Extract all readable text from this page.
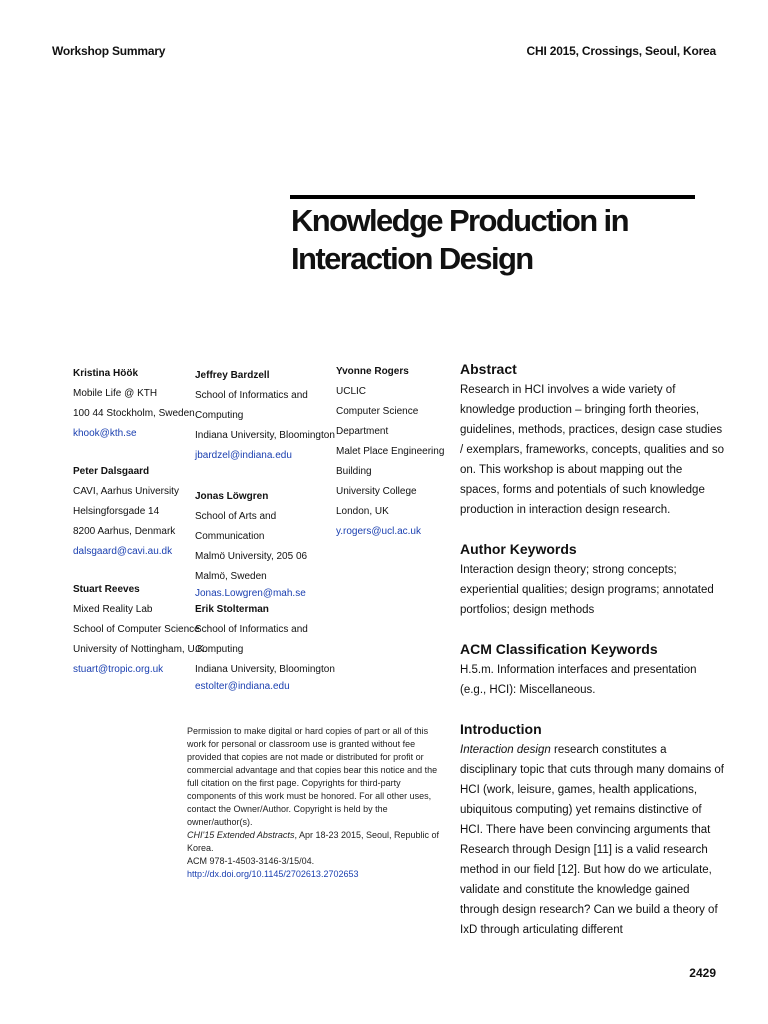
Workshop Summary	CHI 2015, Crossings, Seoul, Korea
Knowledge Production in Interaction Design
Kristina Höök
Mobile Life @ KTH
100 44 Stockholm, Sweden
khook@kth.se
Peter Dalsgaard
CAVI, Aarhus University
Helsingforsgade 14
8200 Aarhus, Denmark
dalsgaard@cavi.au.dk
Stuart Reeves
Mixed Reality Lab
School of Computer Science
University of Nottingham, U.K.
stuart@tropic.org.uk
Jeffrey Bardzell
School of Informatics and Computing
Indiana University, Bloomington
jbardzel@indiana.edu
Jonas Löwgren
School of Arts and Communication
Malmö University, 205 06 Malmö, Sweden
Jonas.Lowgren@mah.se
Erik Stolterman
School of Informatics and Computing
Indiana University, Bloomington
estolter@indiana.edu
Yvonne Rogers
UCLIC
Computer Science Department
Malet Place Engineering Building
University College London, UK
y.rogers@ucl.ac.uk
Abstract

Research in HCI involves a wide variety of knowledge production – bringing forth theories, guidelines, methods, practices, design case studies / exemplars, frameworks, concepts, qualities and so on. This workshop is about mapping out the spaces, forms and potentials of such knowledge production in interaction design research.

Author Keywords

Interaction design theory; strong concepts; experiential qualities; design programs; annotated portfolios; design methods

ACM Classification Keywords

H.5.m. Information interfaces and presentation (e.g., HCI): Miscellaneous.

Introduction

Interaction design research constitutes a disciplinary topic that cuts through many domains of HCI (work, leisure, games, health applications, ubiquitous computing) yet remains distinctive of HCI. There have been convincing arguments that Research through Design [11] is a valid research method in our field [12]. But how do we articulate, validate and constitute the knowledge gained through design research? Can we build a theory of IxD through articulating different

Permission to make digital or hard copies of part or all of this work for personal or classroom use is granted without fee provided that copies are not made or distributed for profit or commercial advantage and that copies bear this notice and the full citation on the first page. Copyrights for third-party components of this work must be honored. For all other uses, contact the Owner/Author. Copyright is held by the owner/author(s).
CHI'15 Extended Abstracts, Apr 18-23 2015, Seoul, Republic of Korea.
ACM 978-1-4503-3146-3/15/04.
http://dx.doi.org/10.1145/2702613.2702653
2429
